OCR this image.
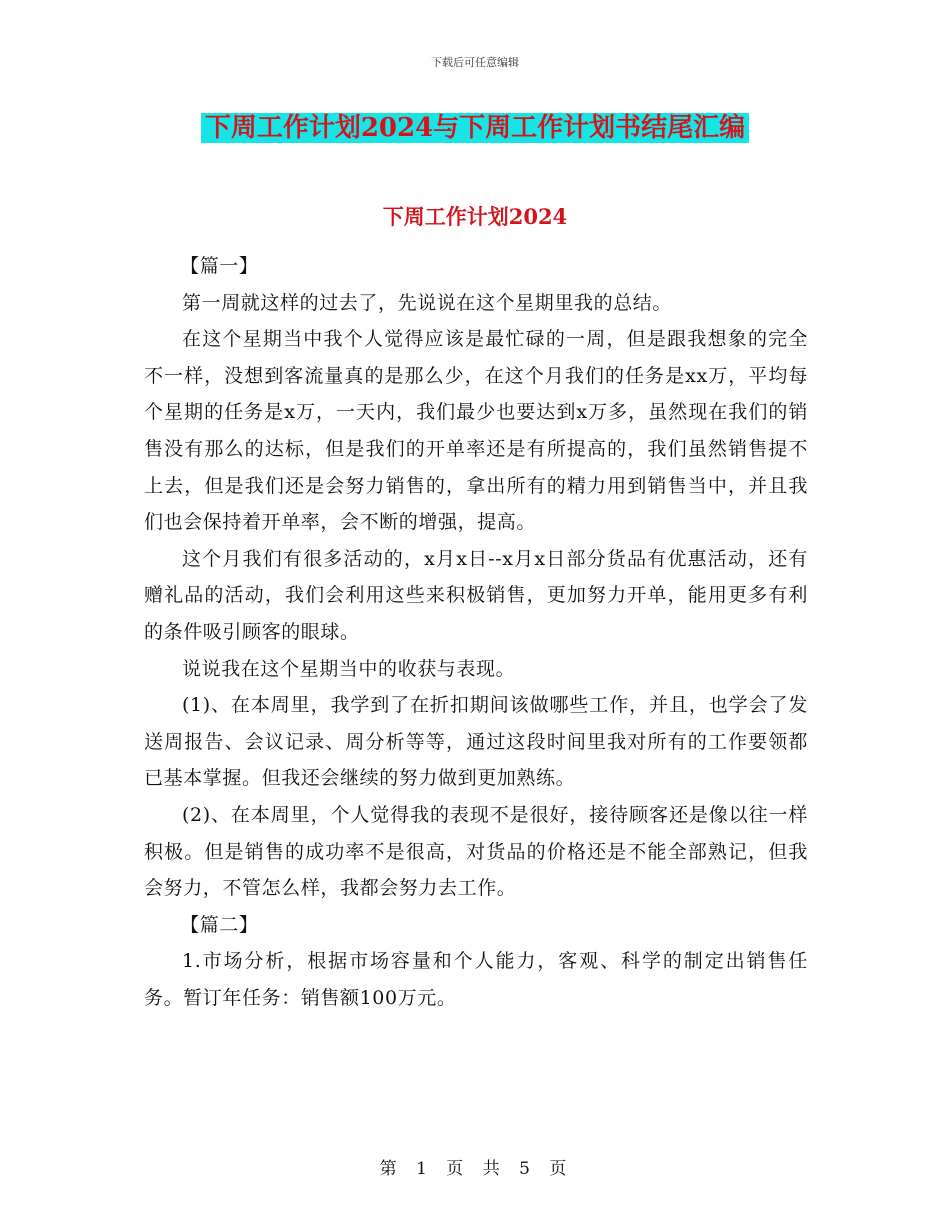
下载后可任意编辑
下周工作计划2024与下周工作计划书结尾汇编
下周工作计划2024

【篇一】

第一周就这样的过去了，先说说在这个星期里我的总结。

在这个星期当中我个人觉得应该是最忙碌的一周，但是跟我想象的完全不一样，没想到客流量真的是那么少，在这个月我们的任务是xx万，平均每个星期的任务是x万，一天内，我们最少也要达到x万多，虽然现在我们的销售没有那么的达标，但是我们的开单率还是有所提高的，我们虽然销售提不上去，但是我们还是会努力销售的，拿出所有的精力用到销售当中，并且我们也会保持着开单率，会不断的增强，提高。

这个月我们有很多活动的，x月x日--x月x日部分货品有优惠活动，还有赠礼品的活动，我们会利用这些来积极销售，更加努力开单，能用更多有利的条件吸引顾客的眼球。

说说我在这个星期当中的收获与表现。

(1)、在本周里，我学到了在折扣期间该做哪些工作，并且，也学会了发送周报告、会议记录、周分析等等，通过这段时间里我对所有的工作要领都已基本掌握。但我还会继续的努力做到更加熟练。

(2)、在本周里，个人觉得我的表现不是很好，接待顾客还是像以往一样积极。但是销售的成功率不是很高，对货品的价格还是不能全部熟记，但我会努力，不管怎么样，我都会努力去工作。

【篇二】

1.市场分析，根据市场容量和个人能力，客观、科学的制定出销售任务。暂订年任务：销售额100万元。

第 1 页 共 5 页
